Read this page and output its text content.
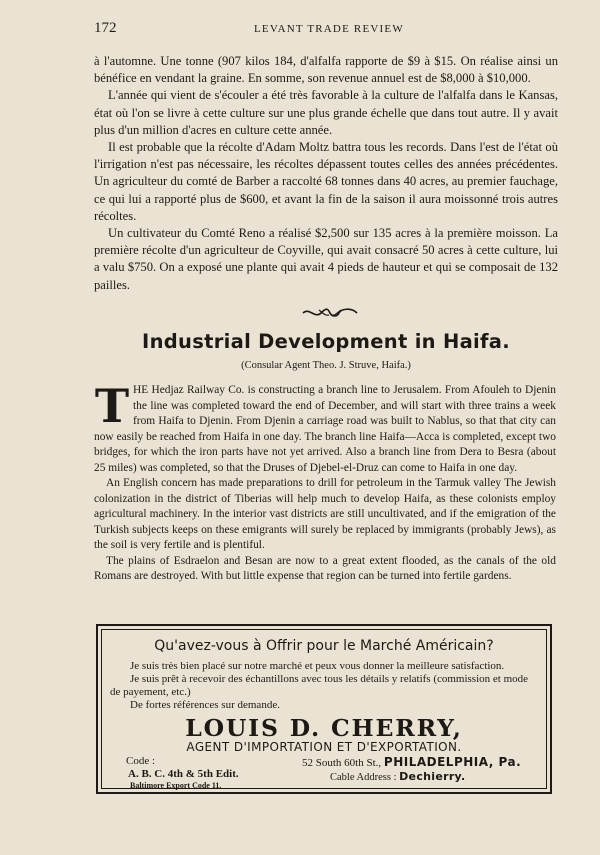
172	LEVANT TRADE REVIEW

à l'automne. Une tonne (907 kilos 184, d'alfalfa rapporte de $9 à $15. On réalise ainsi un bénéfice en vendant la graine. En somme, son revenue annuel est de $8,000 à $10,000.

L'année qui vient de s'écouler a été très favorable à la culture de l'alfalfa dans le Kansas, état où l'on se livre à cette culture sur une plus grande échelle que dans tout autre. Il y avait plus d'un million d'acres en culture cette année.

Il est probable que la récolte d'Adam Moltz battra tous les records. Dans l'est de l'état où l'irrigation n'est pas nécessaire, les récoltes dépassent toutes celles des années précédentes. Un agriculteur du comté de Barber a raccolté 68 tonnes dans 40 acres, au premier fauchage, ce qui lui a rapporté plus de $600, et avant la fin de la saison il aura moissonné trois autres récoltes.

Un cultivateur du Comté Reno a réalisé $2,500 sur 135 acres à la première moisson. La première récolte d'un agriculteur de Coyville, qui avait consacré 50 acres à cette culture, lui a valu $750. On a exposé une plante qui avait 4 pieds de hauteur et qui se composait de 132 pailles.

Industrial Development in Haifa.
(Consular Agent Theo. J. Struve, Haifa.)

THE Hedjaz Railway Co. is constructing a branch line to Jerusalem. From Afouleh to Djenin the line was completed toward the end of December, and will start with three trains a week from Haifa to Djenin. From Djenin a carriage road was built to Nablus, so that that city can now easily be reached from Haifa in one day. The branch line Haifa—Acca is completed, except two bridges, for which the iron parts have not yet arrived. Also a branch line from Dera to Besra (about 25 miles) was completed, so that the Druses of Djebel-el-Druz can come to Haifa in one day.

An English concern has made preparations to drill for petroleum in the Tarmuk valley The Jewish colonization in the district of Tiberias will help much to develop Haifa, as these colonists employ agricultural machinery. In the interior vast districts are still uncultivated, and if the emigration of the Turkish subjects keeps on these emigrants will surely be replaced by immigrants (probably Jews), as the soil is very fertile and is plentiful.

The plains of Esdraelon and Besan are now to a great extent flooded, as the canals of the old Romans are destroyed. With but little expense that region can be turned into fertile gardens.

Qu'avez-vous à Offrir pour le Marché Américain?
Je suis très bien placé sur notre marché et peux vous donner la meilleure satisfaction.
Je suis prêt à recevoir des échantillons avec tous les détails y relatifs (commission et mode de payement, etc.)
De fortes références sur demande.
LOUIS D. CHERRY,
AGENT D'IMPORTATION ET D'EXPORTATION.
Code :
A. B. C. 4th & 5th Edit.
Baltimore Export Code 11.
52 South 60th St., PHILADELPHIA, Pa.
Cable Address : Dechierry.
